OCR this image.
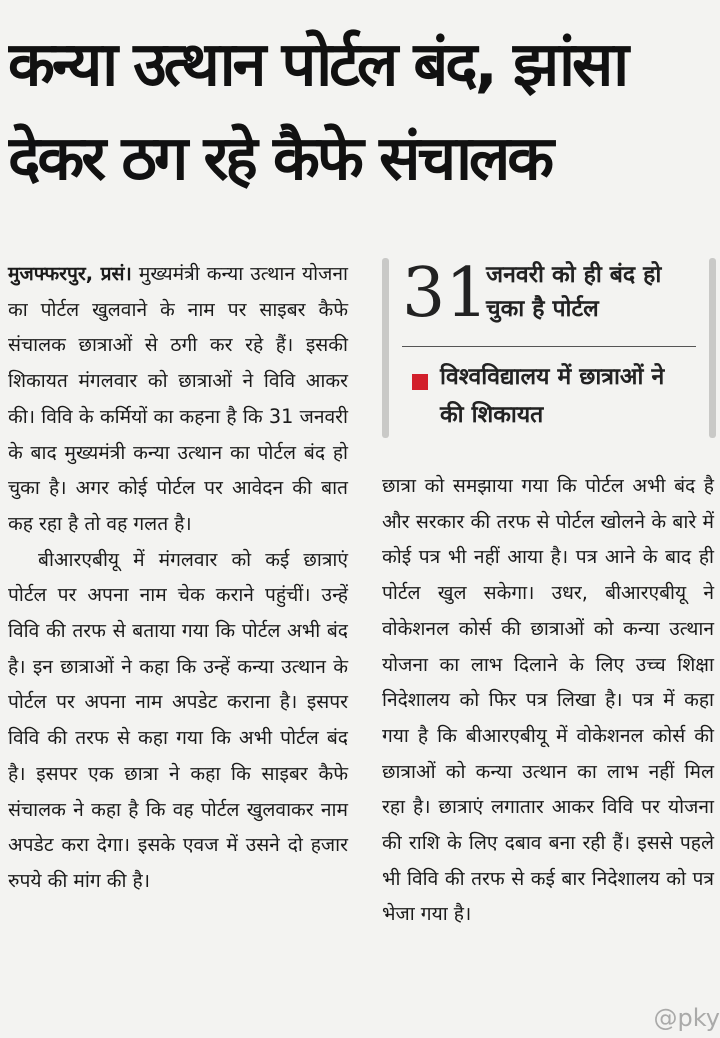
कन्या उत्थान पोर्टल बंद, झांसा
देकर ठग रहे कैफे संचालक

मुजफ्फरपुर, प्रसं। मुख्यमंत्री कन्या उत्थान योजना का पोर्टल खुलवाने के नाम पर साइबर कैफे संचालक छात्राओं से ठगी कर रहे हैं। इसकी शिकायत मंगलवार को छात्राओं ने विवि आकर की। विवि के कर्मियों का कहना है कि 31 जनवरी के बाद मुख्यमंत्री कन्या उत्थान का पोर्टल बंद हो चुका है। अगर कोई पोर्टल पर आवेदन की बात कह रहा है तो वह गलत है।

बीआरएबीयू में मंगलवार को कई छात्राएं पोर्टल पर अपना नाम चेक कराने पहुंचीं। उन्हें विवि की तरफ से बताया गया कि पोर्टल अभी बंद है। इन छात्राओं ने कहा कि उन्हें कन्या उत्थान के पोर्टल पर अपना नाम अपडेट कराना है। इसपर विवि की तरफ से कहा गया कि अभी पोर्टल बंद है। इसपर एक छात्रा ने कहा कि साइबर कैफे संचालक ने कहा है कि वह पोर्टल खुलवाकर नाम अपडेट करा देगा। इसके एवज में उसने दो हजार रुपये की मांग की है।

31
जनवरी को ही बंद हो चुका है पोर्टल
विश्वविद्यालय में छात्राओं ने की शिकायत

छात्रा को समझाया गया कि पोर्टल अभी बंद है और सरकार की तरफ से पोर्टल खोलने के बारे में कोई पत्र भी नहीं आया है। पत्र आने के बाद ही पोर्टल खुल सकेगा। उधर, बीआरएबीयू ने वोकेशनल कोर्स की छात्राओं को कन्या उत्थान योजना का लाभ दिलाने के लिए उच्च शिक्षा निदेशालय को फिर पत्र लिखा है। पत्र में कहा गया है कि बीआरएबीयू में वोकेशनल कोर्स की छात्राओं को कन्या उत्थान का लाभ नहीं मिल रहा है। छात्राएं लगातार आकर विवि पर योजना की राशि के लिए दबाव बना रही हैं। इससे पहले भी विवि की तरफ से कई बार निदेशालय को पत्र भेजा गया है।

@pky
